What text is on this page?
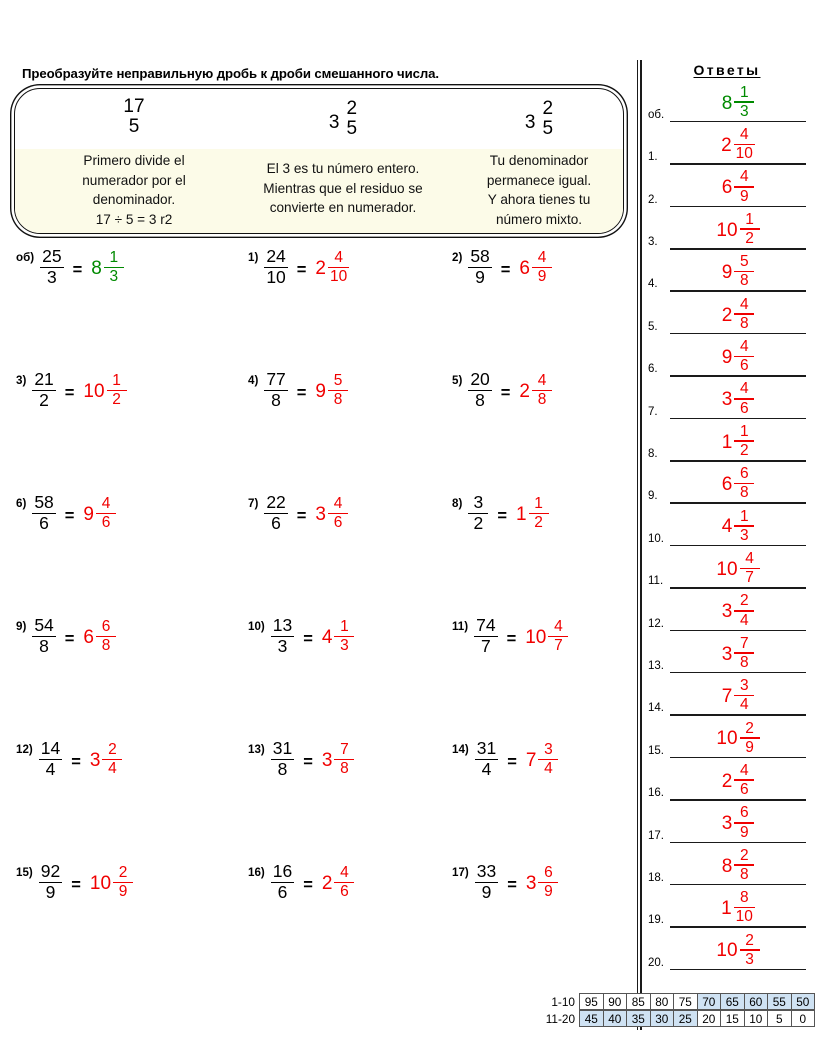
Преобразуйте неправильную дробь к дроби смешанного числа.
17
5
Primero divide el
numerador por el
denominador.
17 ÷ 5 = 3 r2
3
2
5
El 3 es tu número entero.
Mientras que el residuo se
convierte en numerador.
3
2
5
Tu denominador
permanece igual.
Y ahora tienes tu
número mixto.
$об) \frac{25}{3} = 8 \frac{1}{3}$	$1) \frac{24}{10} = 2 \frac{4}{10}$	$2) \frac{58}{9} = 6 \frac{4}{9}$
$3) \frac{21}{2} = 10 \frac{1}{2}$	$4) \frac{77}{8} = 9 \frac{5}{8}$	$5) \frac{20}{8} = 2 \frac{4}{8}$
$6) \frac{58}{6} = 9 \frac{4}{6}$	$7) \frac{22}{6} = 3 \frac{4}{6}$	$8) \frac{3}{2} = 1 \frac{1}{2}$
$9) \frac{54}{8} = 6 \frac{6}{8}$	$10) \frac{13}{3} = 4 \frac{1}{3}$	$11) \frac{74}{7} = 10 \frac{4}{7}$
$12) \frac{14}{4} = 3 \frac{2}{4}$	$13) \frac{31}{8} = 3 \frac{7}{8}$	$14) \frac{31}{4} = 7 \frac{3}{4}$
$15) \frac{92}{9} = 10 \frac{2}{9}$	$16) \frac{16}{6} = 2 \frac{4}{6}$	$17) \frac{33}{9} = 3 \frac{6}{9}$
Ответы
об.
$8 \frac{1}{3}$
1.
$2 \frac{4}{10}$
2.
$6 \frac{4}{9}$
3.
$10 \frac{1}{2}$
4.
$9 \frac{5}{8}$
5.
$2 \frac{4}{8}$
6.
$9 \frac{4}{6}$
7.
$3 \frac{4}{6}$
8.
$1 \frac{1}{2}$
9.
$6 \frac{6}{8}$
10.
$4 \frac{1}{3}$
11.
$10 \frac{4}{7}$
12.
$3 \frac{2}{4}$
13.
$3 \frac{7}{8}$
14.
$7 \frac{3}{4}$
15.
$10 \frac{2}{9}$
16.
$2 \frac{4}{6}$
17.
$3 \frac{6}{9}$
18.
$8 \frac{2}{8}$
19.
$1 \frac{8}{10}$
20.
$10 \frac{2}{3}$
1-10 95 90 85 80 75 70 65 60 55 50
11-20 45 40 35 30 25 20 15 10	5	0
